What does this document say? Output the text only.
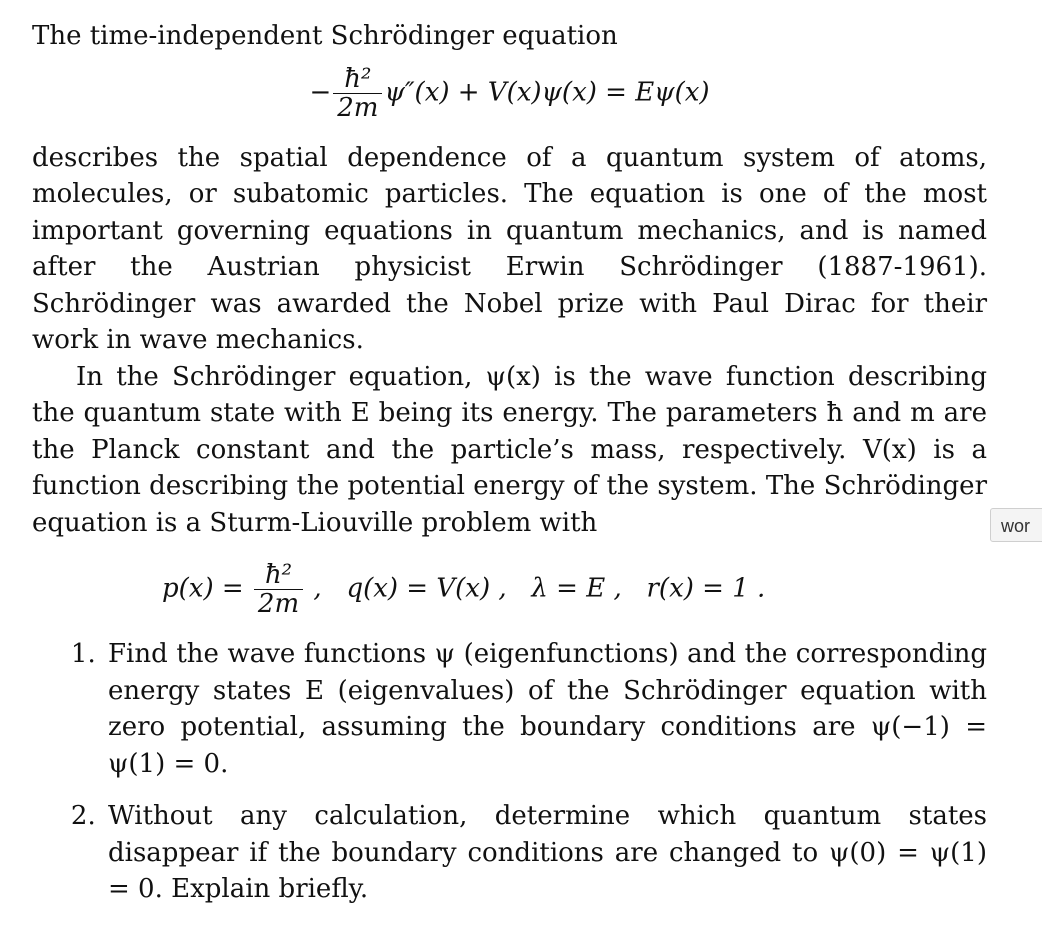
The time-independent Schrödinger equation

− $\frac{\text{ħ²}}{2m} \psi''(x) + V(x)\psi(x) = E\psi(x)$

describes the spatial dependence of a quantum system of atoms, molecules, or subatomic particles. The equation is one of the most important governing equations in quantum mechanics, and is named after the Austrian physicist Erwin Schrödinger (1887-1961). Schrödinger was awarded the Nobel prize with Paul Dirac for their work in wave mechanics.

In the Schrödinger equation, ψ(x) is the wave function describing the quantum state with E being its energy. The parameters ħ and m are the Planck constant and the particle’s mass, respectively. V(x) is a function describing the potential energy of the system. The Schrödinger equation is a Sturm-Liouville problem with

$p(x) = \frac{\text{ħ²}}{2m}$ ,   q(x) = V(x) ,   λ = E ,   r(x) = 1 .
1. Find the wave functions ψ (eigenfunctions) and the corresponding energy states E (eigenvalues) of the Schrödinger equation with zero potential, assuming the boundary conditions are ψ(−1) = ψ(1) = 0.
2. Without any calculation, determine which quantum states disappear if the boundary conditions are changed to ψ(0) = ψ(1) = 0. Explain briefly.
wor
